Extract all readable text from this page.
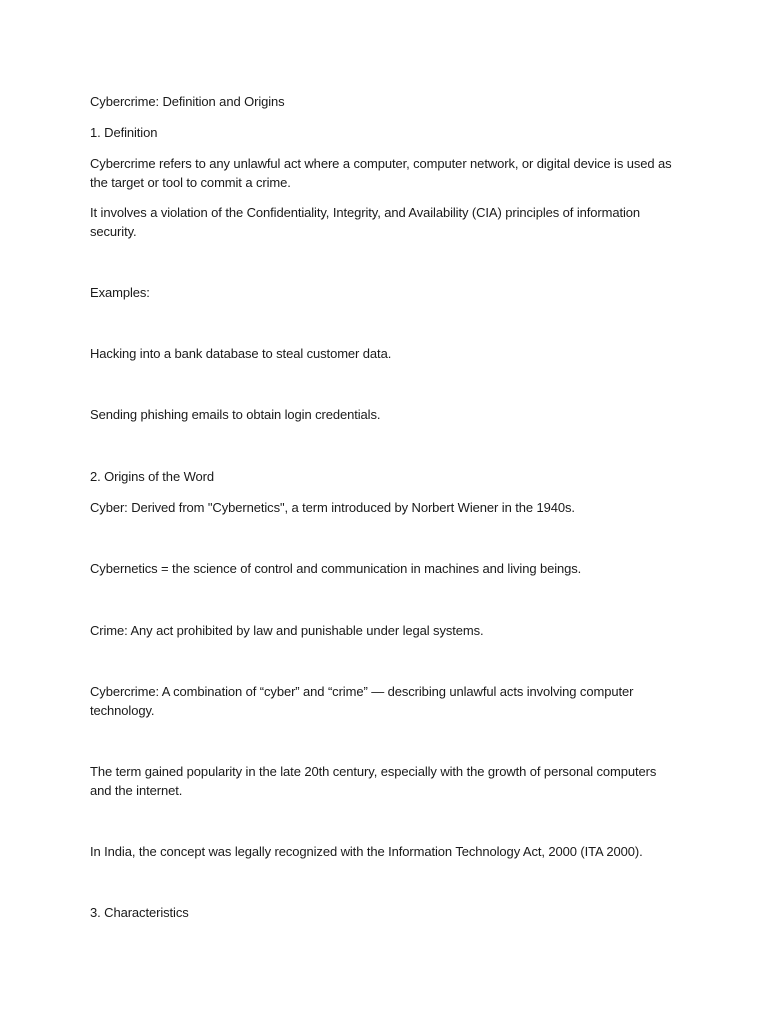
Cybercrime: Definition and Origins

1. Definition

Cybercrime refers to any unlawful act where a computer, computer network, or digital device is used as the target or tool to commit a crime.

It involves a violation of the Confidentiality, Integrity, and Availability (CIA) principles of information security.

Examples:

Hacking into a bank database to steal customer data.

Sending phishing emails to obtain login credentials.

2. Origins of the Word

Cyber: Derived from "Cybernetics", a term introduced by Norbert Wiener in the 1940s.

Cybernetics = the science of control and communication in machines and living beings.

Crime: Any act prohibited by law and punishable under legal systems.

Cybercrime: A combination of “cyber” and “crime” — describing unlawful acts involving computer technology.

The term gained popularity in the late 20th century, especially with the growth of personal computers and the internet.

In India, the concept was legally recognized with the Information Technology Act, 2000 (ITA 2000).

3. Characteristics
